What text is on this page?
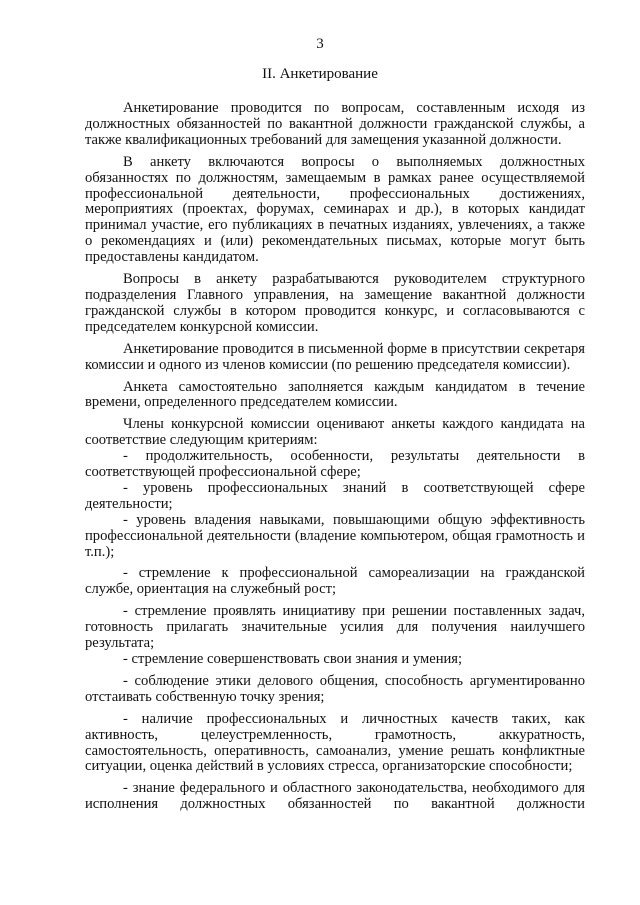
3
II. Анкетирование

Анкетирование проводится по вопросам, составленным исходя из должностных обязанностей по вакантной должности гражданской службы, а также квалификационных требований для замещения указанной должности.

В анкету включаются вопросы о выполняемых должностных обязанностях по должностям, замещаемым в рамках ранее осуществляемой профессиональной деятельности, профессиональных достижениях, мероприятиях (проектах, форумах, семинарах и др.), в которых кандидат принимал участие, его публикациях в печатных изданиях, увлечениях, а также о рекомендациях и (или) рекомендательных письмах, которые могут быть предоставлены кандидатом.

Вопросы в анкету разрабатываются руководителем структурного подразделения Главного управления, на замещение вакантной должности гражданской службы в котором проводится конкурс, и согласовываются с председателем конкурсной комиссии.

Анкетирование проводится в письменной форме в присутствии секретаря комиссии и одного из членов комиссии (по решению председателя комиссии).

Анкета самостоятельно заполняется каждым кандидатом в течение времени, определенного председателем комиссии.

Члены конкурсной комиссии оценивают анкеты каждого кандидата на соответствие следующим критериям:

- продолжительность, особенности, результаты деятельности в соответствующей профессиональной сфере;

- уровень профессиональных знаний в соответствующей сфере деятельности;

- уровень владения навыками, повышающими общую эффективность профессиональной деятельности (владение компьютером, общая грамотность и т.п.);

- стремление к профессиональной самореализации на гражданской службе, ориентация на служебный рост;

- стремление проявлять инициативу при решении поставленных задач, готовность прилагать значительные усилия для получения наилучшего результата;

- стремление совершенствовать свои знания и умения;

- соблюдение этики делового общения, способность аргументированно отстаивать собственную точку зрения;

- наличие профессиональных и личностных качеств таких, как активность, целеустремленность, грамотность, аккуратность, самостоятельность, оперативность, самоанализ, умение решать конфликтные ситуации, оценка действий в условиях стресса, организаторские способности;

- знание федерального и областного законодательства, необходимого для исполнения должностных обязанностей по вакантной должности
